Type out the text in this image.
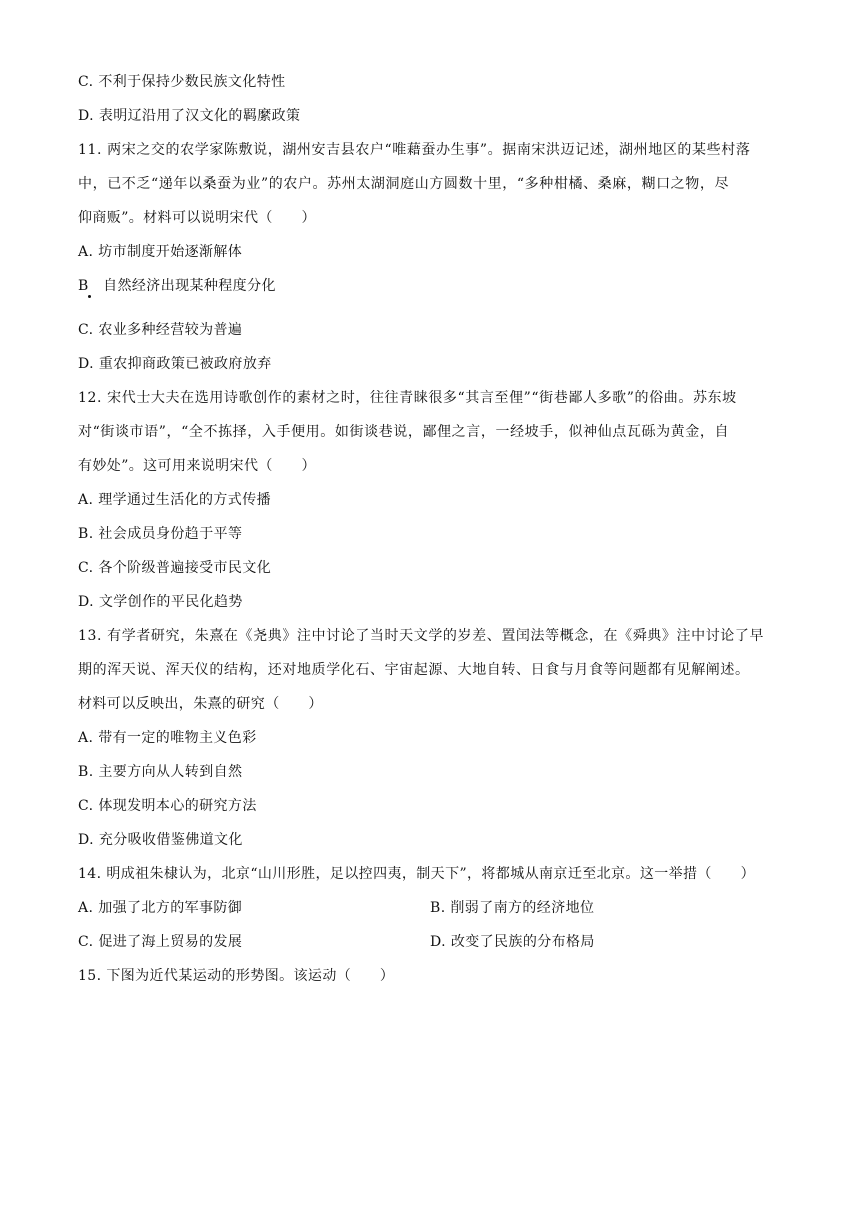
C. 不利于保持少数民族文化特性
D. 表明辽沿用了汉文化的羁縻政策
11. 两宋之交的农学家陈敷说，湖州安吉县农户“唯藉蚕办生事”。据南宋洪迈记述，湖州地区的某些村落
中，已不乏“递年以桑蚕为业”的农户。苏州太湖洞庭山方圆数十里，“多种柑橘、桑麻，糊口之物，尽
仰商贩”。材料可以说明宋代（　　）
A. 坊市制度开始逐渐解体
B　自然经济出现某种程度分化
C. 农业多种经营较为普遍
D. 重农抑商政策已被政府放弃
12. 宋代士大夫在选用诗歌创作的素材之时，往往青睐很多“其言至俚”“街巷鄙人多歌”的俗曲。苏东坡
对“街谈市语”，“全不拣择，入手便用。如街谈巷说，鄙俚之言，一经坡手，似神仙点瓦砾为黄金，自
有妙处”。这可用来说明宋代（　　）
A. 理学通过生活化的方式传播
B. 社会成员身份趋于平等
C. 各个阶级普遍接受市民文化
D. 文学创作的平民化趋势
13. 有学者研究，朱熹在《尧典》注中讨论了当时天文学的岁差、置闰法等概念，在《舜典》注中讨论了早
期的浑天说、浑天仪的结构，还对地质学化石、宇宙起源、大地自转、日食与月食等问题都有见解阐述。
材料可以反映出，朱熹的研究（　　）
A. 带有一定的唯物主义色彩
B. 主要方向从人转到自然
C. 体现发明本心的研究方法
D. 充分吸收借鉴佛道文化
14. 明成祖朱棣认为，北京“山川形胜，足以控四夷，制天下”，将都城从南京迁至北京。这一举措（　　）
A. 加强了北方的军事防御	B. 削弱了南方的经济地位
C. 促进了海上贸易的发展	D. 改变了民族的分布格局
15. 下图为近代某运动的形势图。该运动（　　）
